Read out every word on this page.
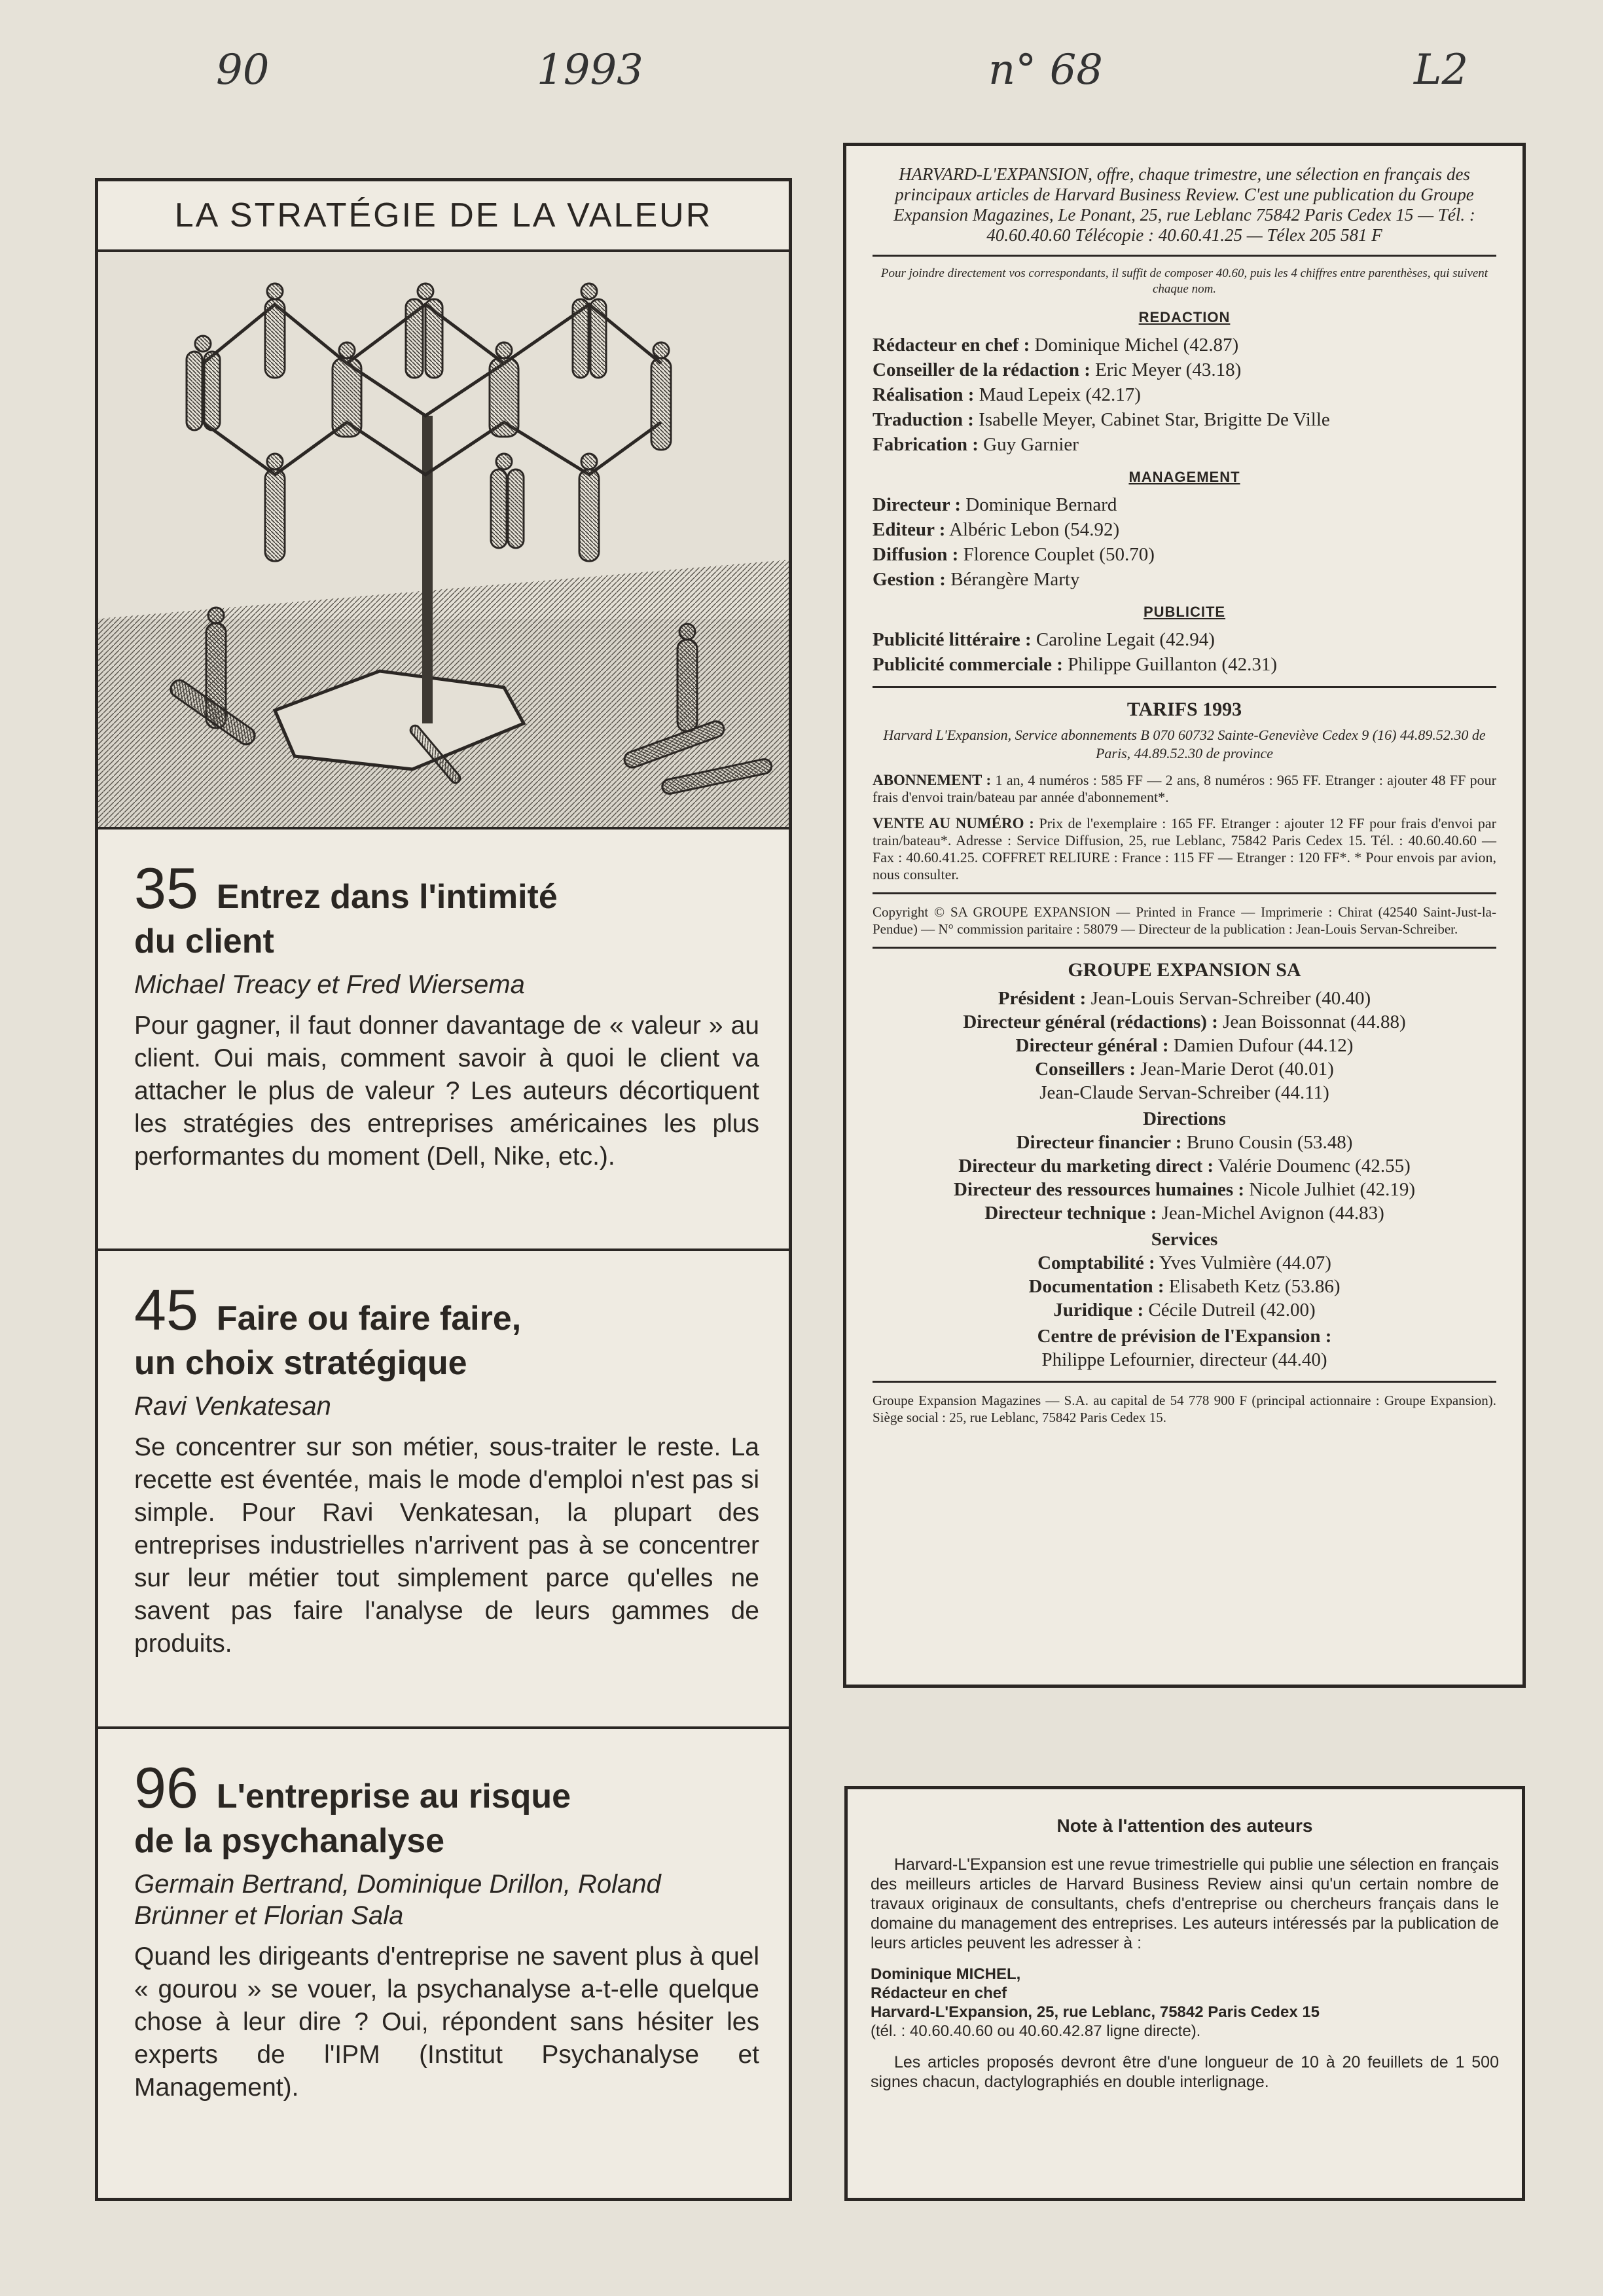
90	1993	n° 68	L2
LA STRATÉGIE DE LA VALEUR
35 Entrez dans l'intimité
du client
Michael Treacy et Fred Wiersema
Pour gagner, il faut donner davantage de « valeur » au client. Oui mais, comment savoir à quoi le client va attacher le plus de valeur ? Les auteurs décortiquent les stratégies des entreprises américaines les plus performantes du moment (Dell, Nike, etc.).
45 Faire ou faire faire,
un choix stratégique
Ravi Venkatesan
Se concentrer sur son métier, sous-traiter le reste. La recette est éventée, mais le mode d'emploi n'est pas si simple. Pour Ravi Venkatesan, la plupart des entreprises industrielles n'arrivent pas à se concentrer sur leur métier tout simplement parce qu'elles ne savent pas faire l'analyse de leurs gammes de produits.
96 L'entreprise au risque
de la psychanalyse
Germain Bertrand, Dominique Drillon, Roland Brünner et Florian Sala
Quand les dirigeants d'entreprise ne savent plus à quel « gourou » se vouer, la psychanalyse a-t-elle quelque chose à leur dire ? Oui, répondent sans hésiter les experts de l'IPM (Institut Psychanalyse et Management).
HARVARD-L'EXPANSION, offre, chaque trimestre, une sélection en français des principaux articles de Harvard Business Review. C'est une publication du Groupe Expansion Magazines, Le Ponant, 25, rue Leblanc 75842 Paris Cedex 15 — Tél. : 40.60.40.60 Télécopie : 40.60.41.25 — Télex 205 581 F
Pour joindre directement vos correspondants, il suffit de composer 40.60, puis les 4 chiffres entre parenthèses, qui suivent chaque nom.
REDACTION
Rédacteur en chef : Dominique Michel (42.87)
Conseiller de la rédaction : Eric Meyer (43.18)
Réalisation : Maud Lepeix (42.17)
Traduction : Isabelle Meyer, Cabinet Star, Brigitte De Ville
Fabrication : Guy Garnier
MANAGEMENT
Directeur : Dominique Bernard
Editeur : Albéric Lebon (54.92)
Diffusion : Florence Couplet (50.70)
Gestion : Bérangère Marty
PUBLICITE
Publicité littéraire : Caroline Legait (42.94)
Publicité commerciale : Philippe Guillanton (42.31)
TARIFS 1993
Harvard L'Expansion, Service abonnements B 070 60732 Sainte-Geneviève Cedex 9 (16) 44.89.52.30 de Paris, 44.89.52.30 de province
ABONNEMENT : 1 an, 4 numéros : 585 FF — 2 ans, 8 numéros : 965 FF. Etranger : ajouter 48 FF pour frais d'envoi train/bateau par année d'abonnement*.
VENTE AU NUMÉRO : Prix de l'exemplaire : 165 FF. Etranger : ajouter 12 FF pour frais d'envoi par train/bateau*. Adresse : Service Diffusion, 25, rue Leblanc, 75842 Paris Cedex 15. Tél. : 40.60.40.60 — Fax : 40.60.41.25. COFFRET RELIURE : France : 115 FF — Etranger : 120 FF*. * Pour envois par avion, nous consulter.
Copyright © SA GROUPE EXPANSION — Printed in France — Imprimerie : Chirat (42540 Saint-Just-la-Pendue) — N° commission paritaire : 58079 — Directeur de la publication : Jean-Louis Servan-Schreiber.
GROUPE EXPANSION SA
Président : Jean-Louis Servan-Schreiber (40.40)
Directeur général (rédactions) : Jean Boissonnat (44.88)
Directeur général : Damien Dufour (44.12)
Conseillers : Jean-Marie Derot (40.01)
Jean-Claude Servan-Schreiber (44.11)
Directions
Directeur financier : Bruno Cousin (53.48)
Directeur du marketing direct : Valérie Doumenc (42.55)
Directeur des ressources humaines : Nicole Julhiet (42.19)
Directeur technique : Jean-Michel Avignon (44.83)
Services
Comptabilité : Yves Vulmière (44.07)
Documentation : Elisabeth Ketz (53.86)
Juridique : Cécile Dutreil (42.00)
Centre de prévision de l'Expansion :
Philippe Lefournier, directeur (44.40)
Groupe Expansion Magazines — S.A. au capital de 54 778 900 F (principal actionnaire : Groupe Expansion). Siège social : 25, rue Leblanc, 75842 Paris Cedex 15.
Note à l'attention des auteurs

Harvard-L'Expansion est une revue trimestrielle qui publie une sélection en français des meilleurs articles de Harvard Business Review ainsi qu'un certain nombre de travaux originaux de consultants, chefs d'entreprise ou chercheurs français dans le domaine du management des entreprises. Les auteurs intéressés par la publication de leurs articles peuvent les adresser à :

Dominique MICHEL,
Rédacteur en chef
Harvard-L'Expansion, 25, rue Leblanc, 75842 Paris Cedex 15
(tél. : 40.60.40.60 ou 40.60.42.87 ligne directe).

Les articles proposés devront être d'une longueur de 10 à 20 feuillets de 1 500 signes chacun, dactylographiés en double interlignage.
